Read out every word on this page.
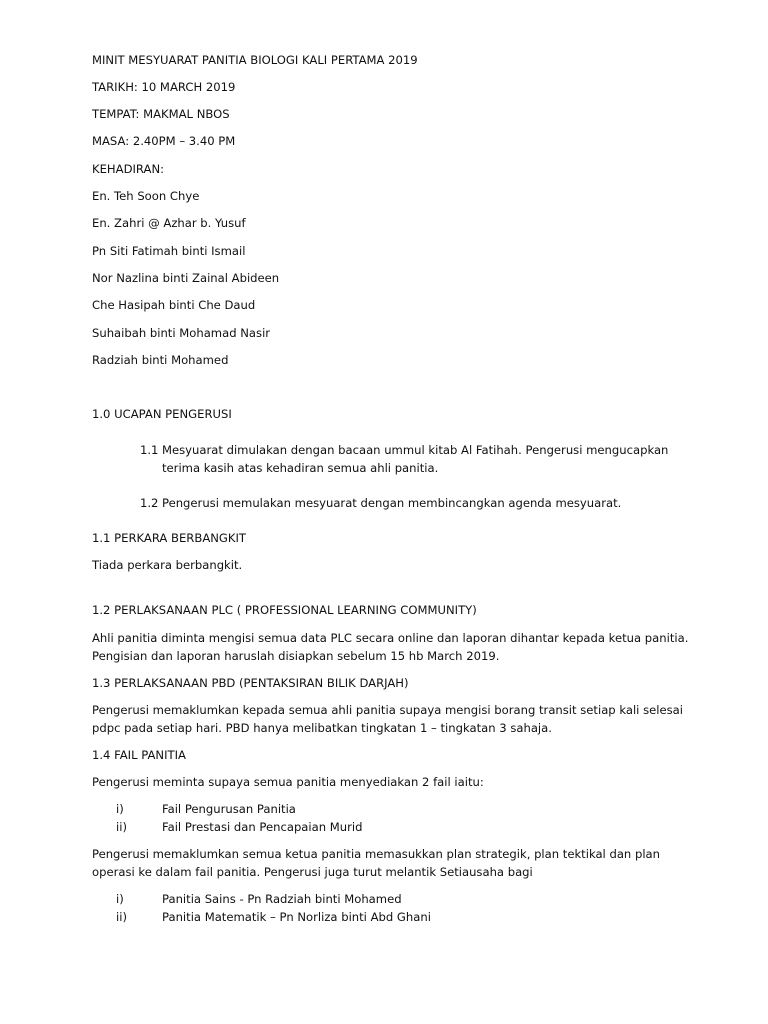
MINIT MESYUARAT PANITIA BIOLOGI KALI PERTAMA 2019

TARIKH: 10 MARCH 2019

TEMPAT: MAKMAL NBOS

MASA: 2.40PM – 3.40 PM

KEHADIRAN:

En. Teh Soon Chye

En. Zahri @ Azhar b. Yusuf

Pn Siti Fatimah binti Ismail

Nor Nazlina binti Zainal Abideen

Che Hasipah binti Che Daud

Suhaibah binti Mohamad Nasir

Radziah binti Mohamed

1.0 UCAPAN PENGERUSI

1.1 Mesyuarat dimulakan dengan bacaan ummul kitab Al Fatihah. Pengerusi mengucapkan terima kasih atas kehadiran semua ahli panitia.
1.2 Pengerusi memulakan mesyuarat dengan membincangkan agenda mesyuarat.

1.1 PERKARA BERBANGKIT

Tiada perkara berbangkit.

1.2 PERLAKSANAAN PLC ( PROFESSIONAL LEARNING COMMUNITY)

Ahli panitia diminta mengisi semua data PLC secara online dan laporan dihantar kepada ketua panitia. Pengisian dan laporan haruslah disiapkan sebelum 15 hb March 2019.

1.3 PERLAKSANAAN PBD (PENTAKSIRAN BILIK DARJAH)

Pengerusi memaklumkan kepada semua ahli panitia supaya mengisi borang transit setiap kali selesai pdpc pada setiap hari. PBD hanya melibatkan tingkatan 1 – tingkatan 3 sahaja.

1.4 FAIL PANITIA

Pengerusi meminta supaya semua panitia menyediakan 2 fail iaitu:

i)	Fail Pengurusan Panitia
ii)	Fail Prestasi dan Pencapaian Murid

Pengerusi memaklumkan semua ketua panitia memasukkan plan strategik, plan tektikal dan plan operasi ke dalam fail panitia. Pengerusi juga turut melantik Setiausaha bagi

i)	Panitia Sains - Pn Radziah binti Mohamed
ii)	Panitia Matematik – Pn Norliza binti Abd Ghani
